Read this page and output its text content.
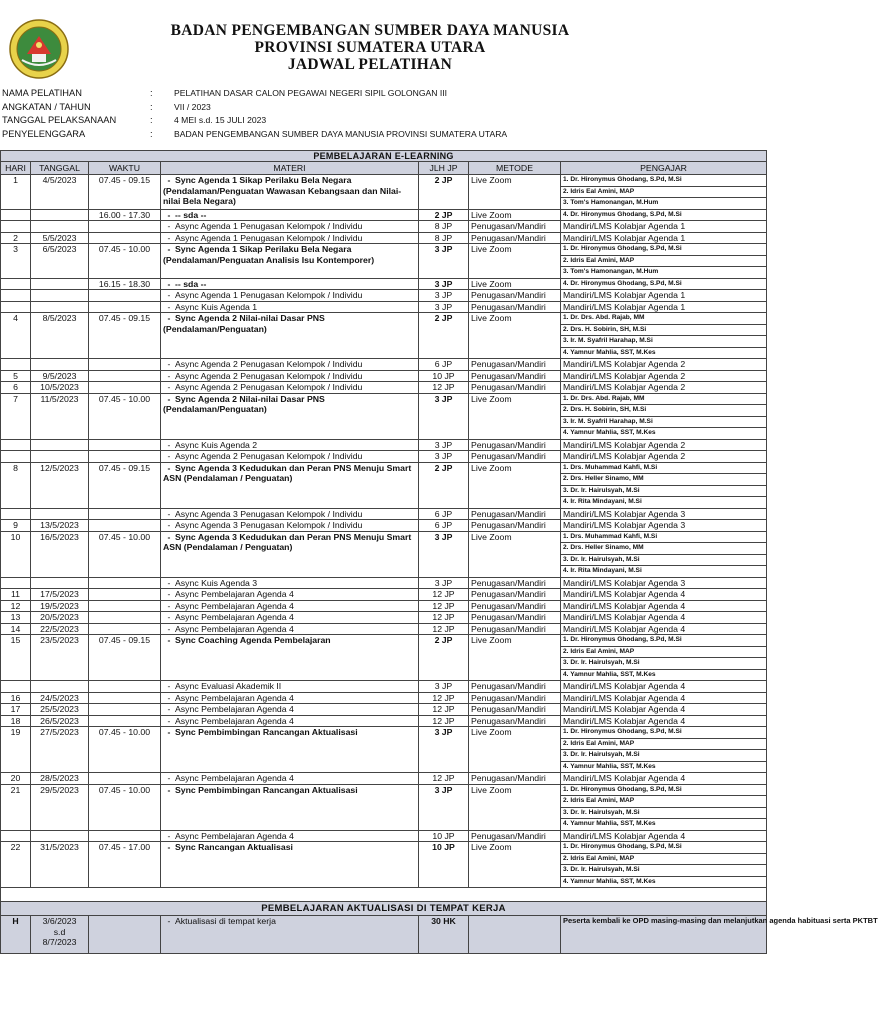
BADAN PENGEMBANGAN SUMBER DAYA MANUSIA
PROVINSI SUMATERA UTARA
JADWAL PELATIHAN
NAMA PELATIHAN	:	PELATIHAN DASAR CALON PEGAWAI NEGERI SIPIL GOLONGAN III
ANGKATAN / TAHUN	:	VII / 2023
TANGGAL PELAKSANAAN	:	4 MEI s.d. 15 JULI 2023
PENYELENGGARA	:	BADAN PENGEMBANGAN SUMBER DAYA MANUSIA PROVINSI SUMATERA UTARA
PEMBELAJARAN E-LEARNING						
HARI	TANGGAL	WAKTU	MATERI	JLH JP	METODE	PENGAJAR
1	4/5/2023	07.45 - 09.15	- Sync Agenda 1 Sikap Perilaku Bela Negara (Pendalaman/Penguatan Wawasan Kebangsaan dan Nilai-nilai Bela Negara)	2 JP	Live Zoom	1. Dr. Hironymus Ghodang, S.Pd, M.Si
2. Idris Eal Amini, MAP
3. Tom's Hamonangan, M.Hum

		16.00 - 17.30	- -- sda --	2 JP	Live Zoom	4. Dr. Hironymus Ghodang, S.Pd, M.Si

			- Async Agenda 1 Penugasan Kelompok / Individu	8 JP	Penugasan/Mandiri	Mandiri/LMS Kolabjar Agenda 1
2	5/5/2023		- Async Agenda 1 Penugasan Kelompok / Individu	8 JP	Penugasan/Mandiri	Mandiri/LMS Kolabjar Agenda 1
3	6/5/2023	07.45 - 10.00	- Sync Agenda 1 Sikap Perilaku Bela Negara (Pendalaman/Penguatan Analisis Isu Kontemporer)	3 JP	Live Zoom	1. Dr. Hironymus Ghodang, S.Pd, M.Si
2. Idris Eal Amini, MAP
3. Tom's Hamonangan, M.Hum

		16.15 - 18.30	- -- sda --	3 JP	Live Zoom	4. Dr. Hironymus Ghodang, S.Pd, M.Si

			- Async Agenda 1 Penugasan Kelompok / Individu	3 JP	Penugasan/Mandiri	Mandiri/LMS Kolabjar Agenda 1
			- Async Kuis Agenda 1	3 JP	Penugasan/Mandiri	Mandiri/LMS Kolabjar Agenda 1
4	8/5/2023	07.45 - 09.15	- Sync Agenda 2 Nilai-nilai Dasar PNS (Pendalaman/Penguatan)	2 JP	Live Zoom	1. Dr. Drs. Abd. Rajab, MM
2. Drs. H. Sobirin, SH, M.Si
3. Ir. M. Syafril Harahap, M.Si
4. Yamnur Mahlia, SST, M.Kes

			- Async Agenda 2 Penugasan Kelompok / Individu	6 JP	Penugasan/Mandiri	Mandiri/LMS Kolabjar Agenda 2
5	9/5/2023		- Async Agenda 2 Penugasan Kelompok / Individu	10 JP	Penugasan/Mandiri	Mandiri/LMS Kolabjar Agenda 2
6	10/5/2023		- Async Agenda 2 Penugasan Kelompok / Individu	12 JP	Penugasan/Mandiri	Mandiri/LMS Kolabjar Agenda 2
7	11/5/2023	07.45 - 10.00	- Sync Agenda 2 Nilai-nilai Dasar PNS (Pendalaman/Penguatan)	3 JP	Live Zoom	1. Dr. Drs. Abd. Rajab, MM
2. Drs. H. Sobirin, SH, M.Si
3. Ir. M. Syafril Harahap, M.Si
4. Yamnur Mahlia, SST, M.Kes

			- Async Kuis Agenda 2	3 JP	Penugasan/Mandiri	Mandiri/LMS Kolabjar Agenda 2
			- Async Agenda 2 Penugasan Kelompok / Individu	3 JP	Penugasan/Mandiri	Mandiri/LMS Kolabjar Agenda 2
8	12/5/2023	07.45 - 09.15	- Sync Agenda 3 Kedudukan dan Peran PNS Menuju Smart ASN (Pendalaman / Penguatan)	2 JP	Live Zoom	1. Drs. Muhammad Kahfi, M.Si
2. Drs. Heller Sinamo, MM
3. Dr. Ir. Hairulsyah, M.Si
4. Ir. Rita Mindayani, M.Si

			- Async Agenda 3 Penugasan Kelompok / Individu	6 JP	Penugasan/Mandiri	Mandiri/LMS Kolabjar Agenda 3
9	13/5/2023		- Async Agenda 3 Penugasan Kelompok / Individu	6 JP	Penugasan/Mandiri	Mandiri/LMS Kolabjar Agenda 3
10	16/5/2023	07.45 - 10.00	- Sync Agenda 3 Kedudukan dan Peran PNS Menuju Smart ASN (Pendalaman / Penguatan)	3 JP	Live Zoom	1. Drs. Muhammad Kahfi, M.Si
2. Drs. Heller Sinamo, MM
3. Dr. Ir. Hairulsyah, M.Si
4. Ir. Rita Mindayani, M.Si

			- Async Kuis Agenda 3	3 JP	Penugasan/Mandiri	Mandiri/LMS Kolabjar Agenda 3
11	17/5/2023		- Async Pembelajaran Agenda 4	12 JP	Penugasan/Mandiri	Mandiri/LMS Kolabjar Agenda 4
12	19/5/2023		- Async Pembelajaran Agenda 4	12 JP	Penugasan/Mandiri	Mandiri/LMS Kolabjar Agenda 4
13	20/5/2023		- Async Pembelajaran Agenda 4	12 JP	Penugasan/Mandiri	Mandiri/LMS Kolabjar Agenda 4
14	22/5/2023		- Async Pembelajaran Agenda 4	12 JP	Penugasan/Mandiri	Mandiri/LMS Kolabjar Agenda 4
15	23/5/2023	07.45 - 09.15	- Sync Coaching Agenda Pembelajaran	2 JP	Live Zoom	1. Dr. Hironymus Ghodang, S.Pd, M.Si
2. Idris Eal Amini, MAP
3. Dr. Ir. Hairulsyah, M.Si
4. Yamnur Mahlia, SST, M.Kes

			- Async Evaluasi Akademik II	3 JP	Penugasan/Mandiri	Mandiri/LMS Kolabjar Agenda 4
16	24/5/2023		- Async Pembelajaran Agenda 4	12 JP	Penugasan/Mandiri	Mandiri/LMS Kolabjar Agenda 4
17	25/5/2023		- Async Pembelajaran Agenda 4	12 JP	Penugasan/Mandiri	Mandiri/LMS Kolabjar Agenda 4
18	26/5/2023		- Async Pembelajaran Agenda 4	12 JP	Penugasan/Mandiri	Mandiri/LMS Kolabjar Agenda 4
19	27/5/2023	07.45 - 10.00	- Sync Pembimbingan Rancangan Aktualisasi	3 JP	Live Zoom	1. Dr. Hironymus Ghodang, S.Pd, M.Si
2. Idris Eal Amini, MAP
3. Dr. Ir. Hairulsyah, M.Si
4. Yamnur Mahlia, SST, M.Kes

20	28/5/2023		- Async Pembelajaran Agenda 4	12 JP	Penugasan/Mandiri	Mandiri/LMS Kolabjar Agenda 4
21	29/5/2023	07.45 - 10.00	- Sync Pembimbingan Rancangan Aktualisasi	3 JP	Live Zoom	1. Dr. Hironymus Ghodang, S.Pd, M.Si
2. Idris Eal Amini, MAP
3. Dr. Ir. Hairulsyah, M.Si
4. Yamnur Mahlia, SST, M.Kes

			- Async Pembelajaran Agenda 4	10 JP	Penugasan/Mandiri	Mandiri/LMS Kolabjar Agenda 4
22	31/5/2023	07.45 - 17.00	- Sync Rancangan Aktualisasi	10 JP	Live Zoom	1. Dr. Hironymus Ghodang, S.Pd, M.Si
2. Idris Eal Amini, MAP
3. Dr. Ir. Hairulsyah, M.Si
4. Yamnur Mahlia, SST, M.Kes

PEMBELAJARAN AKTUALISASI DI TEMPAT KERJA						
H	3/6/2023
s.d
8/7/2023		- Aktualisasi di tempat kerja	30 HK		Peserta kembali ke OPD masing-masing dan melanjutkan agenda habituasi serta PKTBT
